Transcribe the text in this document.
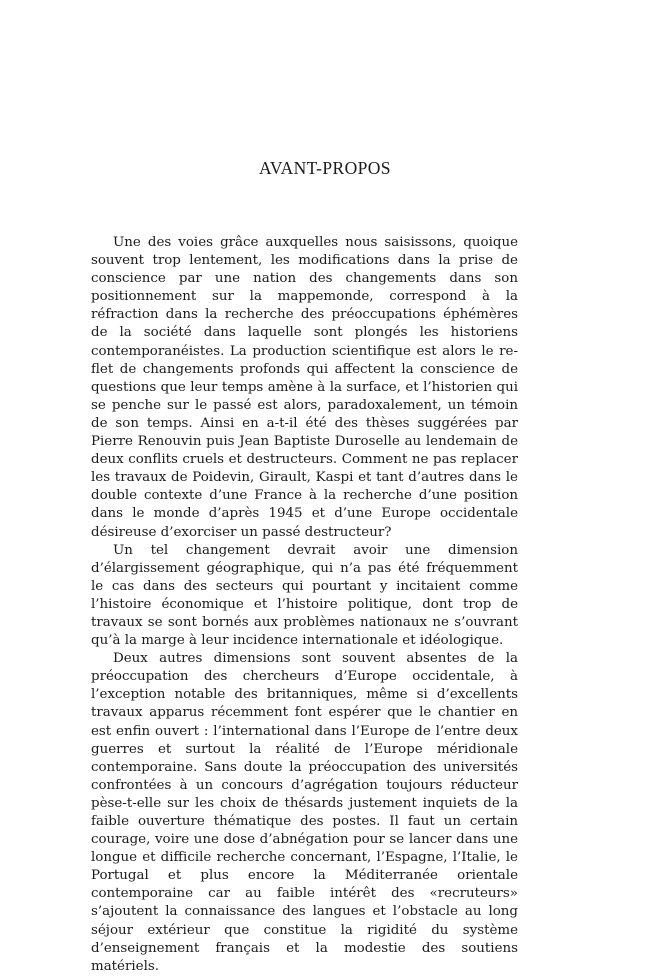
AVANT-PROPOS

Une des voies grâce auxquelles nous saisissons, quoique souvent trop lentement, les modifications dans la prise de conscience par une nation des changements dans son positionnement sur la mappemonde, correspond à la réfraction dans la recherche des préoccupations éphémères de la société dans laquelle sont plongés les historiens contemporanéistes. La production scientifique est alors le reflet de changements profonds qui affectent la conscience de questions que leur temps amène à la surface, et l’historien qui se penche sur le passé est alors, paradoxalement, un témoin de son temps. Ainsi en a-t-il été des thèses suggérées par Pierre Renouvin puis Jean Baptiste Duroselle au lendemain de deux conflits cruels et destructeurs. Comment ne pas replacer les travaux de Poidevin, Girault, Kaspi et tant d’autres dans le double contexte d’une France à la recherche d’une position dans le monde d’après 1945 et d’une Europe occidentale désireuse d’exorciser un passé destructeur?

Un tel changement devrait avoir une dimension d’élargissement géographique, qui n’a pas été fréquemment le cas dans des secteurs qui pourtant y incitaient comme l’histoire économique et l’histoire politique, dont trop de travaux se sont bornés aux problèmes nationaux ne s’ouvrant qu’à la marge à leur incidence internationale et idéologique.

Deux autres dimensions sont souvent absentes de la préoccupation des chercheurs d’Europe occidentale, à l’exception notable des britanniques, même si d’excellents travaux apparus récemment font espérer que le chantier en est enfin ouvert : l’international dans l’Europe de l’entre deux guerres et surtout la réalité de l’Europe méridionale contemporaine. Sans doute la préoccupation des universités confrontées à un concours d’agrégation toujours réducteur pèse-t-elle sur les choix de thésards justement inquiets de la faible ouverture thématique des postes. Il faut un certain courage, voire une dose d’abnégation pour se lancer dans une longue et difficile recherche concernant, l’Espagne, l’Italie, le Portugal et plus encore la Méditerranée orientale contemporaine car au faible intérêt des «recruteurs» s’ajoutent la connaissance des langues et l’obstacle au long séjour extérieur que constitue la rigidité du système d’enseignement français et la modestie des soutiens matériels.
